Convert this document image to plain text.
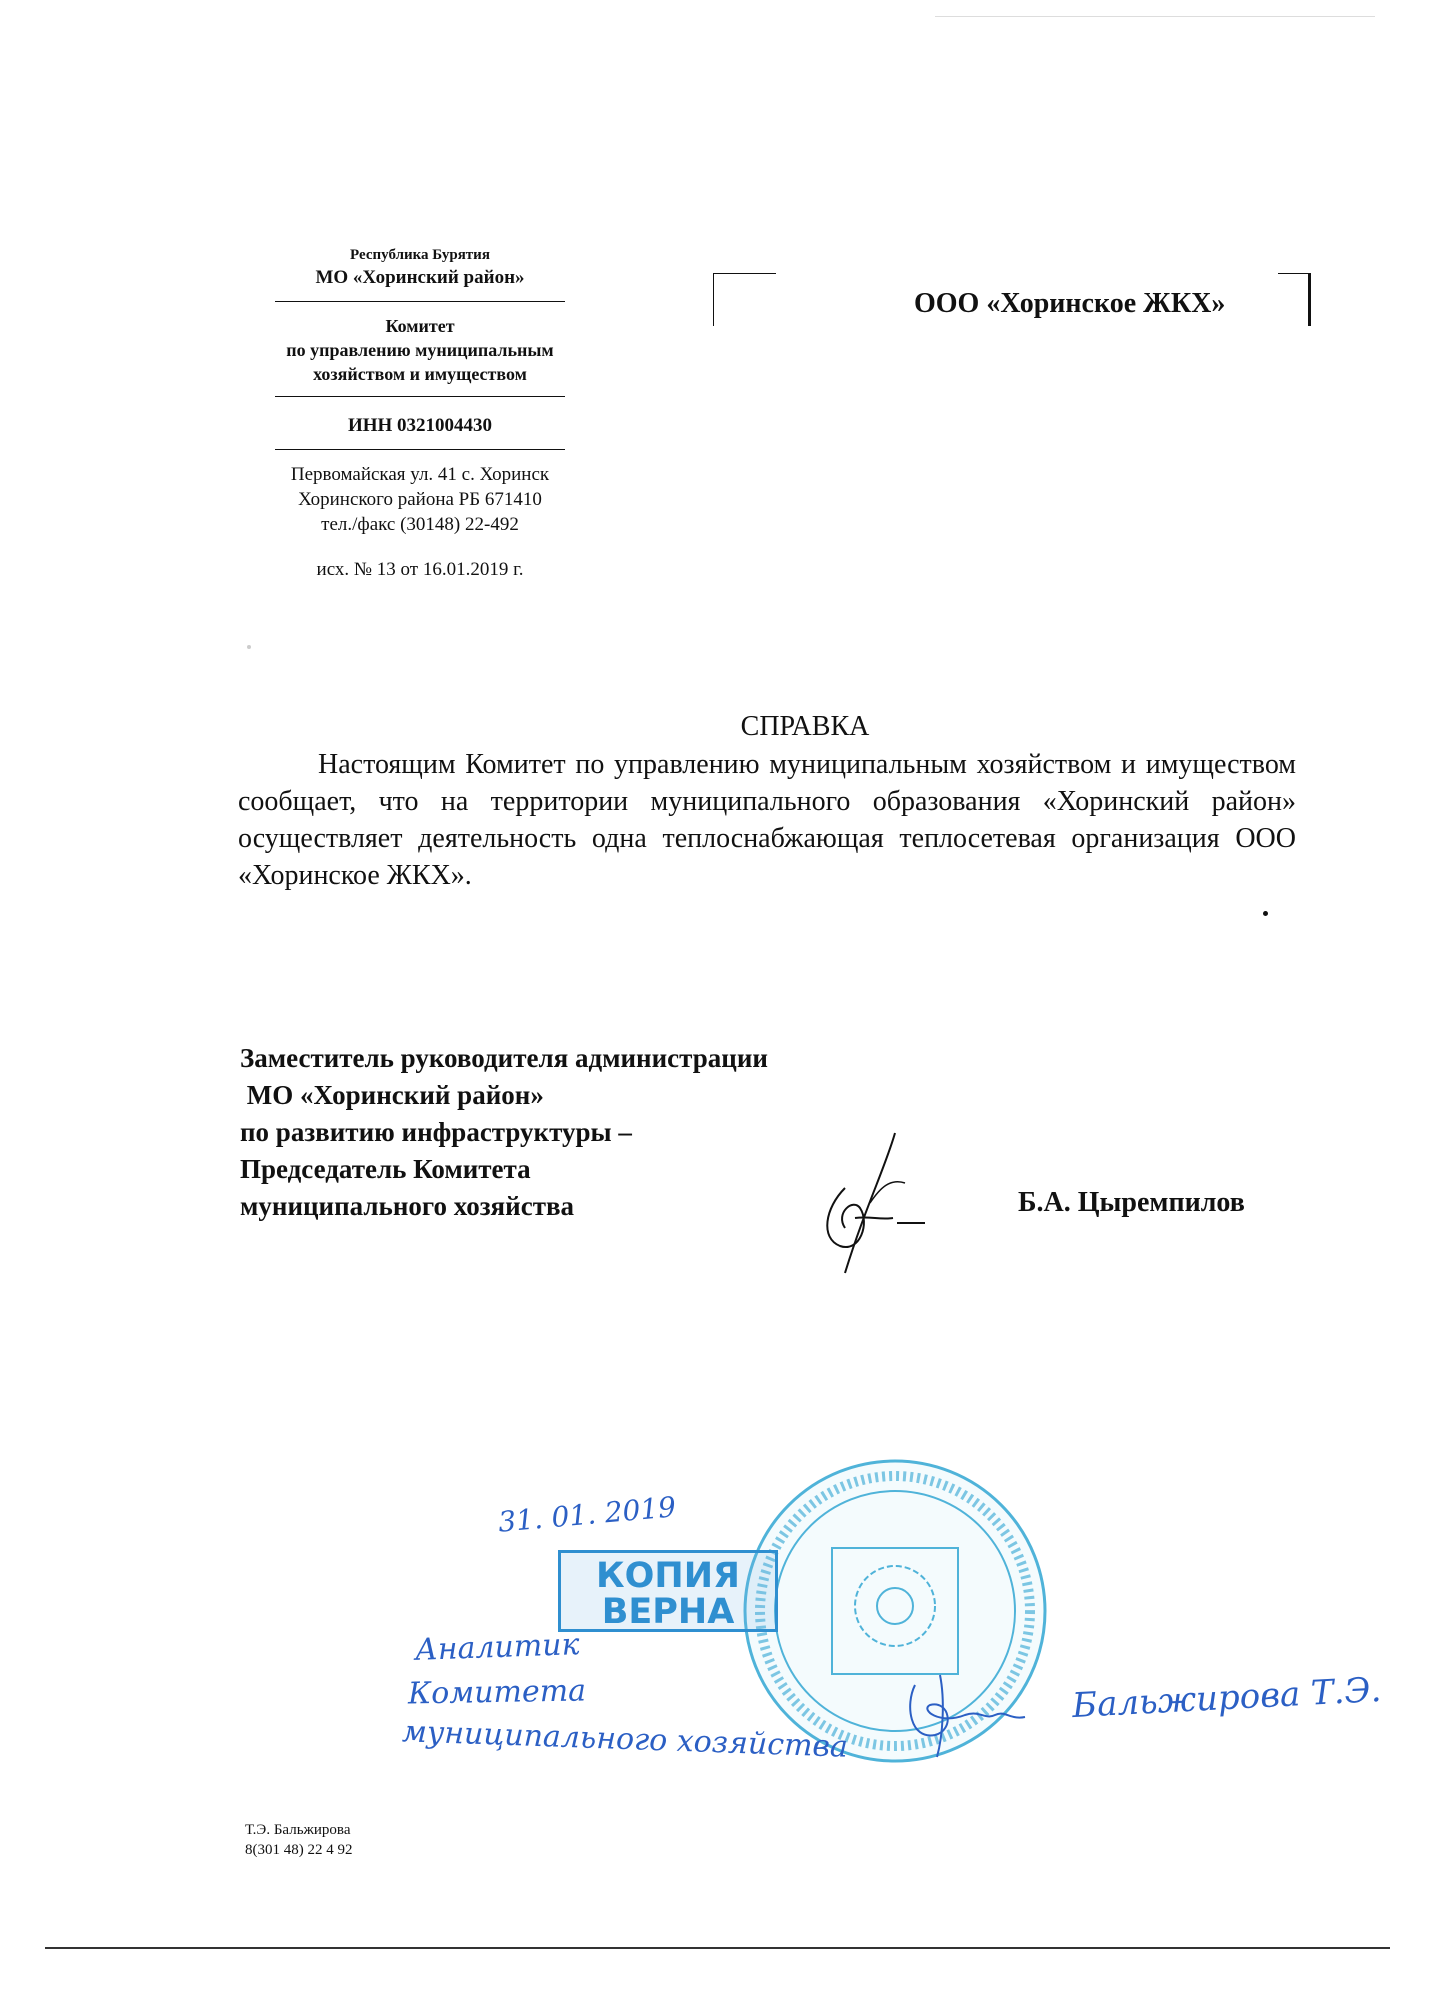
Республика Бурятия
МО «Хоринский район»
Комитет
по управлению муниципальным
хозяйством и имуществом
ИНН 0321004430
Первомайская ул. 41 с. Хоринск
Хоринского района РБ 671410
тел./факс (30148) 22-492
исх. № 13 от 16.01.2019 г.
ООО «Хоринское ЖКХ»
СПРАВКА
Настоящим Комитет по управлению муниципальным хозяйством и имуществом сообщает, что на территории муниципального образования «Хоринский район» осуществляет деятельность одна теплоснабжающая теплосетевая организация ООО «Хоринское ЖКХ».
Заместитель руководителя администрации
МО «Хоринский район»
по развитию инфраструктуры –
Председатель Комитета
муниципального хозяйства	Б.А. Цыремпилов
КОПИЯ
ВЕРНА
31. 01. 2019
Аналитик
Комитета
муниципального хозяйства
Бальжирова Т.Э.
Т.Э. Бальжирова
8(301 48) 22 4 92
